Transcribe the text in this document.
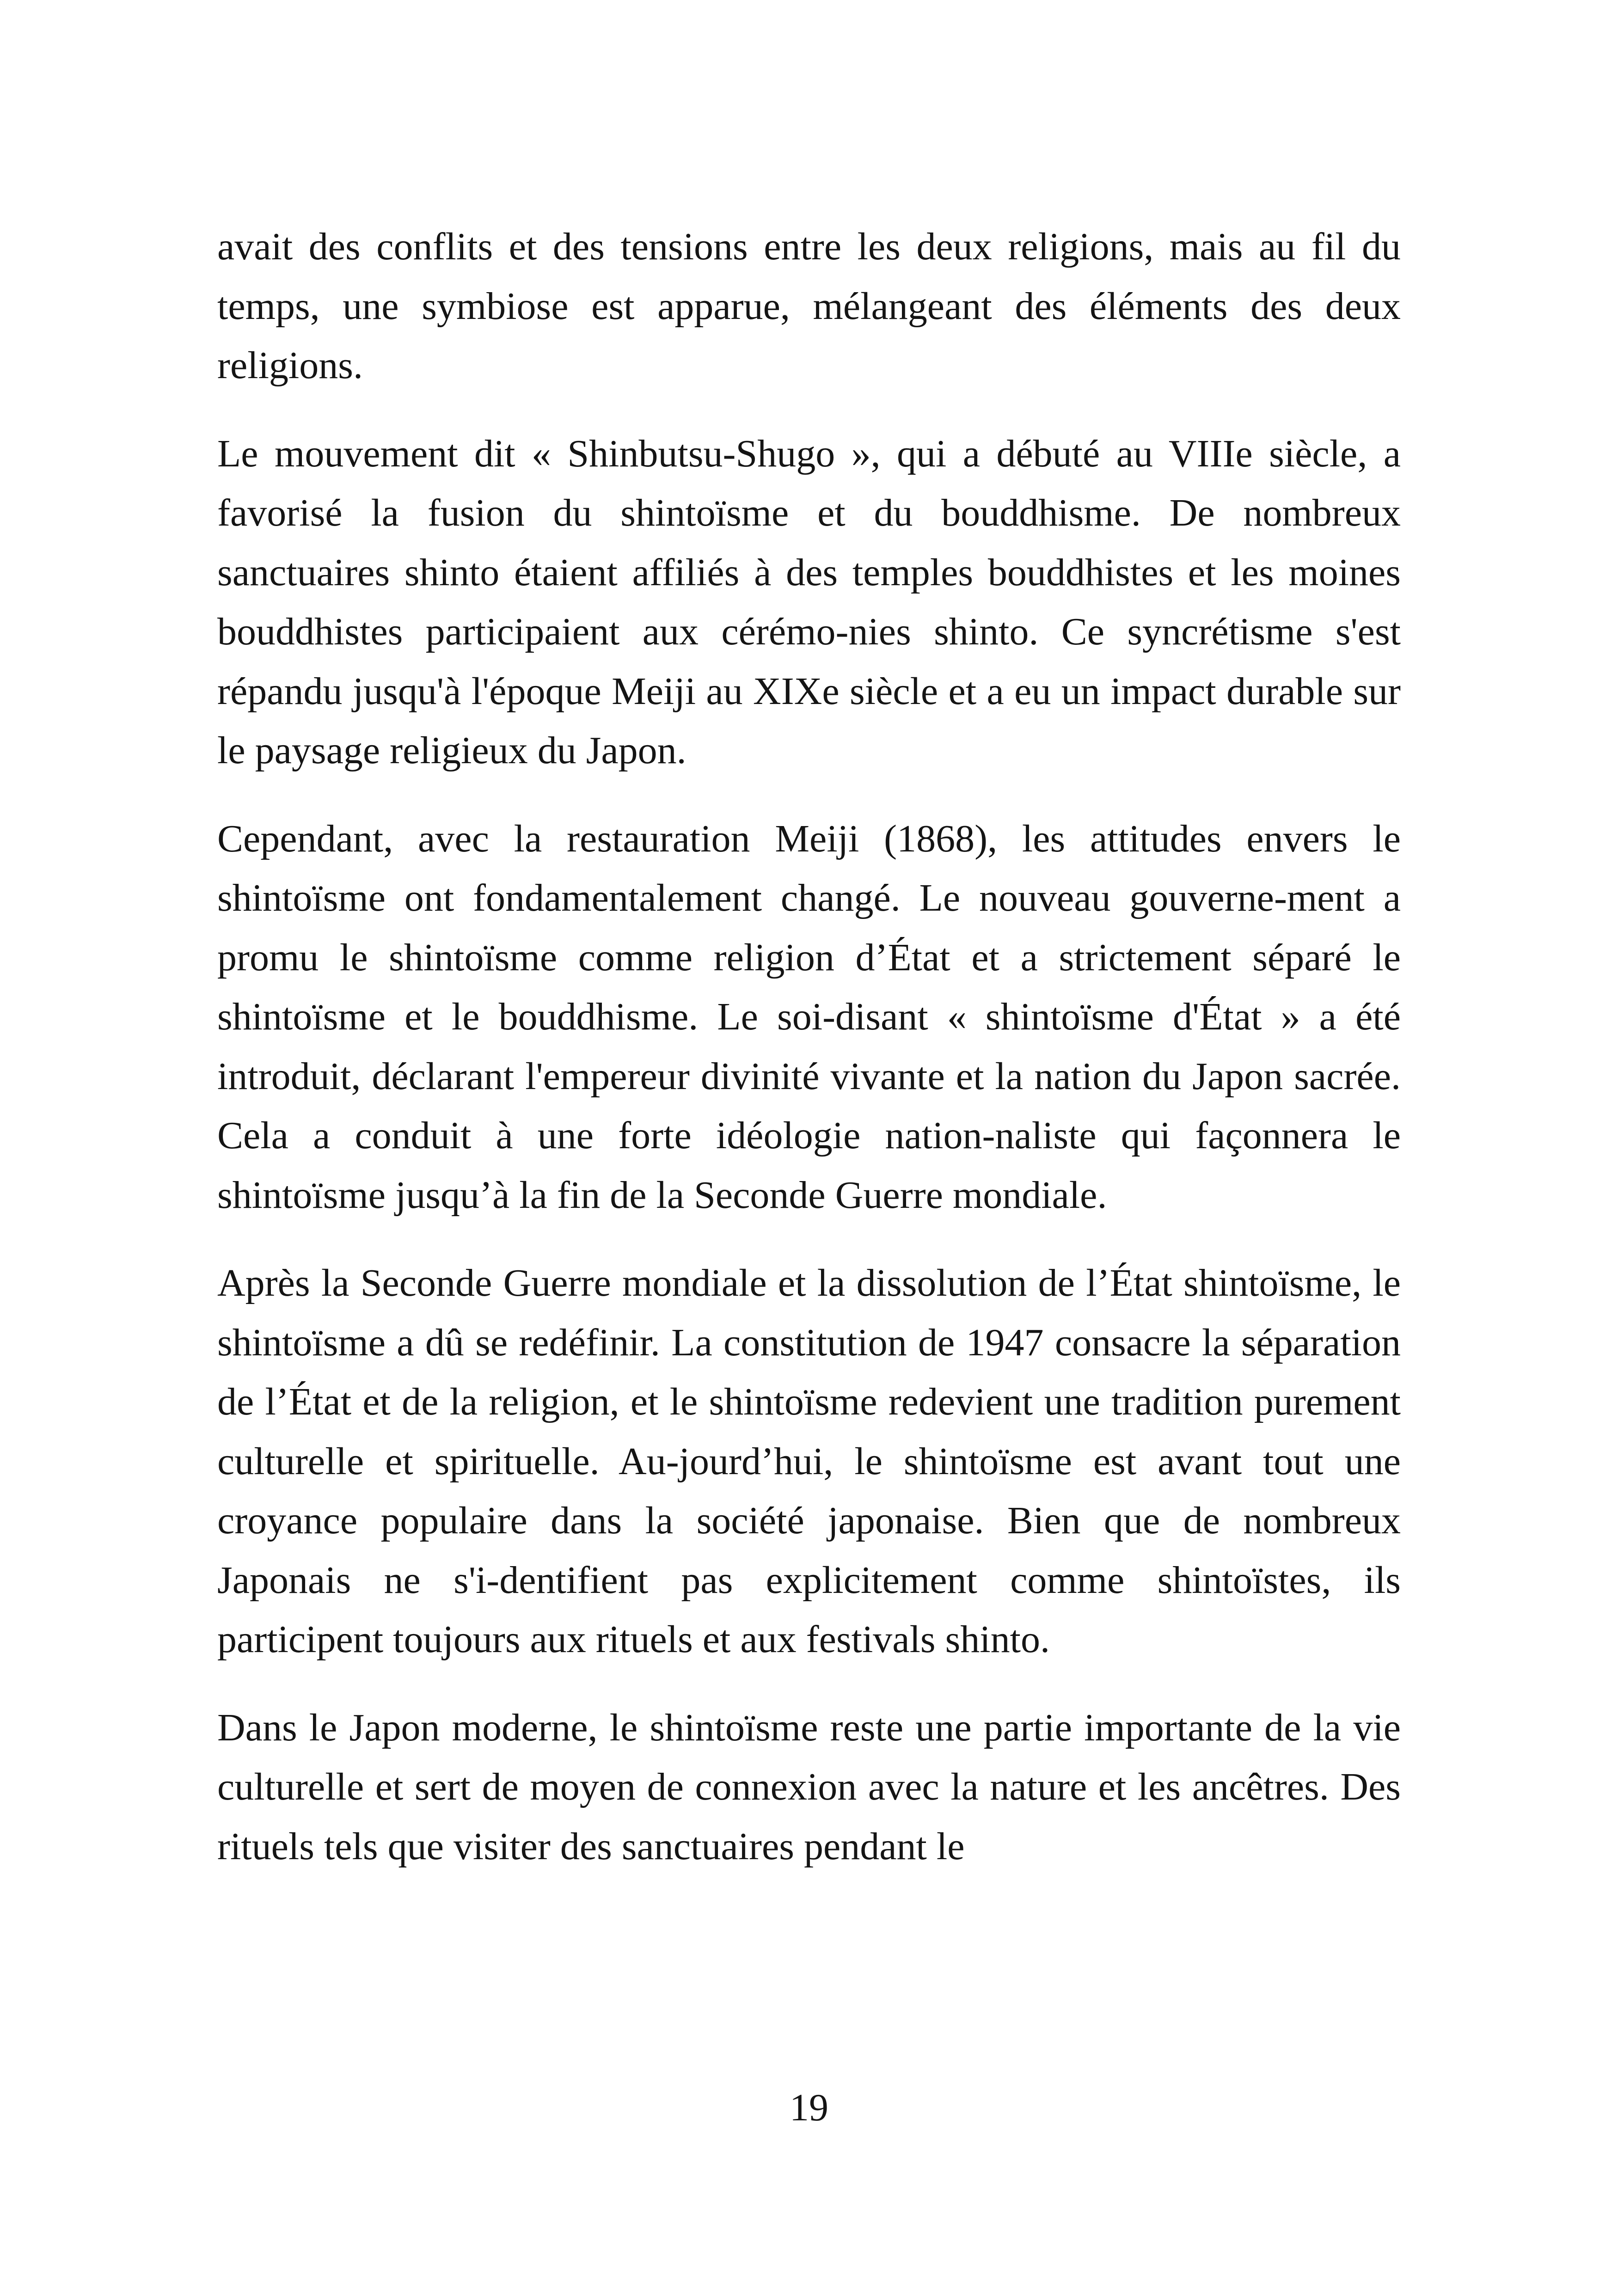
avait des conflits et des tensions entre les deux religions, mais au fil du temps, une symbiose est apparue, mélangeant des éléments des deux religions.

Le mouvement dit « Shinbutsu-Shugo », qui a débuté au VIIIe siècle, a favorisé la fusion du shintoïsme et du bouddhisme. De nombreux sanctuaires shinto étaient affiliés à des temples bouddhistes et les moines bouddhistes participaient aux cérémo-nies shinto. Ce syncrétisme s'est répandu jusqu'à l'époque Meiji au XIXe siècle et a eu un impact durable sur le paysage religieux du Japon.

Cependant, avec la restauration Meiji (1868), les attitudes envers le shintoïsme ont fondamentalement changé. Le nouveau gouverne-ment a promu le shintoïsme comme religion d’État et a strictement séparé le shintoïsme et le bouddhisme. Le soi-disant « shintoïsme d'État » a été introduit, déclarant l'empereur divinité vivante et la nation du Japon sacrée. Cela a conduit à une forte idéologie nation-naliste qui façonnera le shintoïsme jusqu’à la fin de la Seconde Guerre mondiale.

Après la Seconde Guerre mondiale et la dissolution de l’État shintoïsme, le shintoïsme a dû se redéfinir. La constitution de 1947 consacre la séparation de l’État et de la religion, et le shintoïsme redevient une tradition purement culturelle et spirituelle. Au-jourd’hui, le shintoïsme est avant tout une croyance populaire dans la société japonaise. Bien que de nombreux Japonais ne s'i-dentifient pas explicitement comme shintoïstes, ils participent toujours aux rituels et aux festivals shinto.

Dans le Japon moderne, le shintoïsme reste une partie importante de la vie culturelle et sert de moyen de connexion avec la nature et les ancêtres. Des rituels tels que visiter des sanctuaires pendant le

19
